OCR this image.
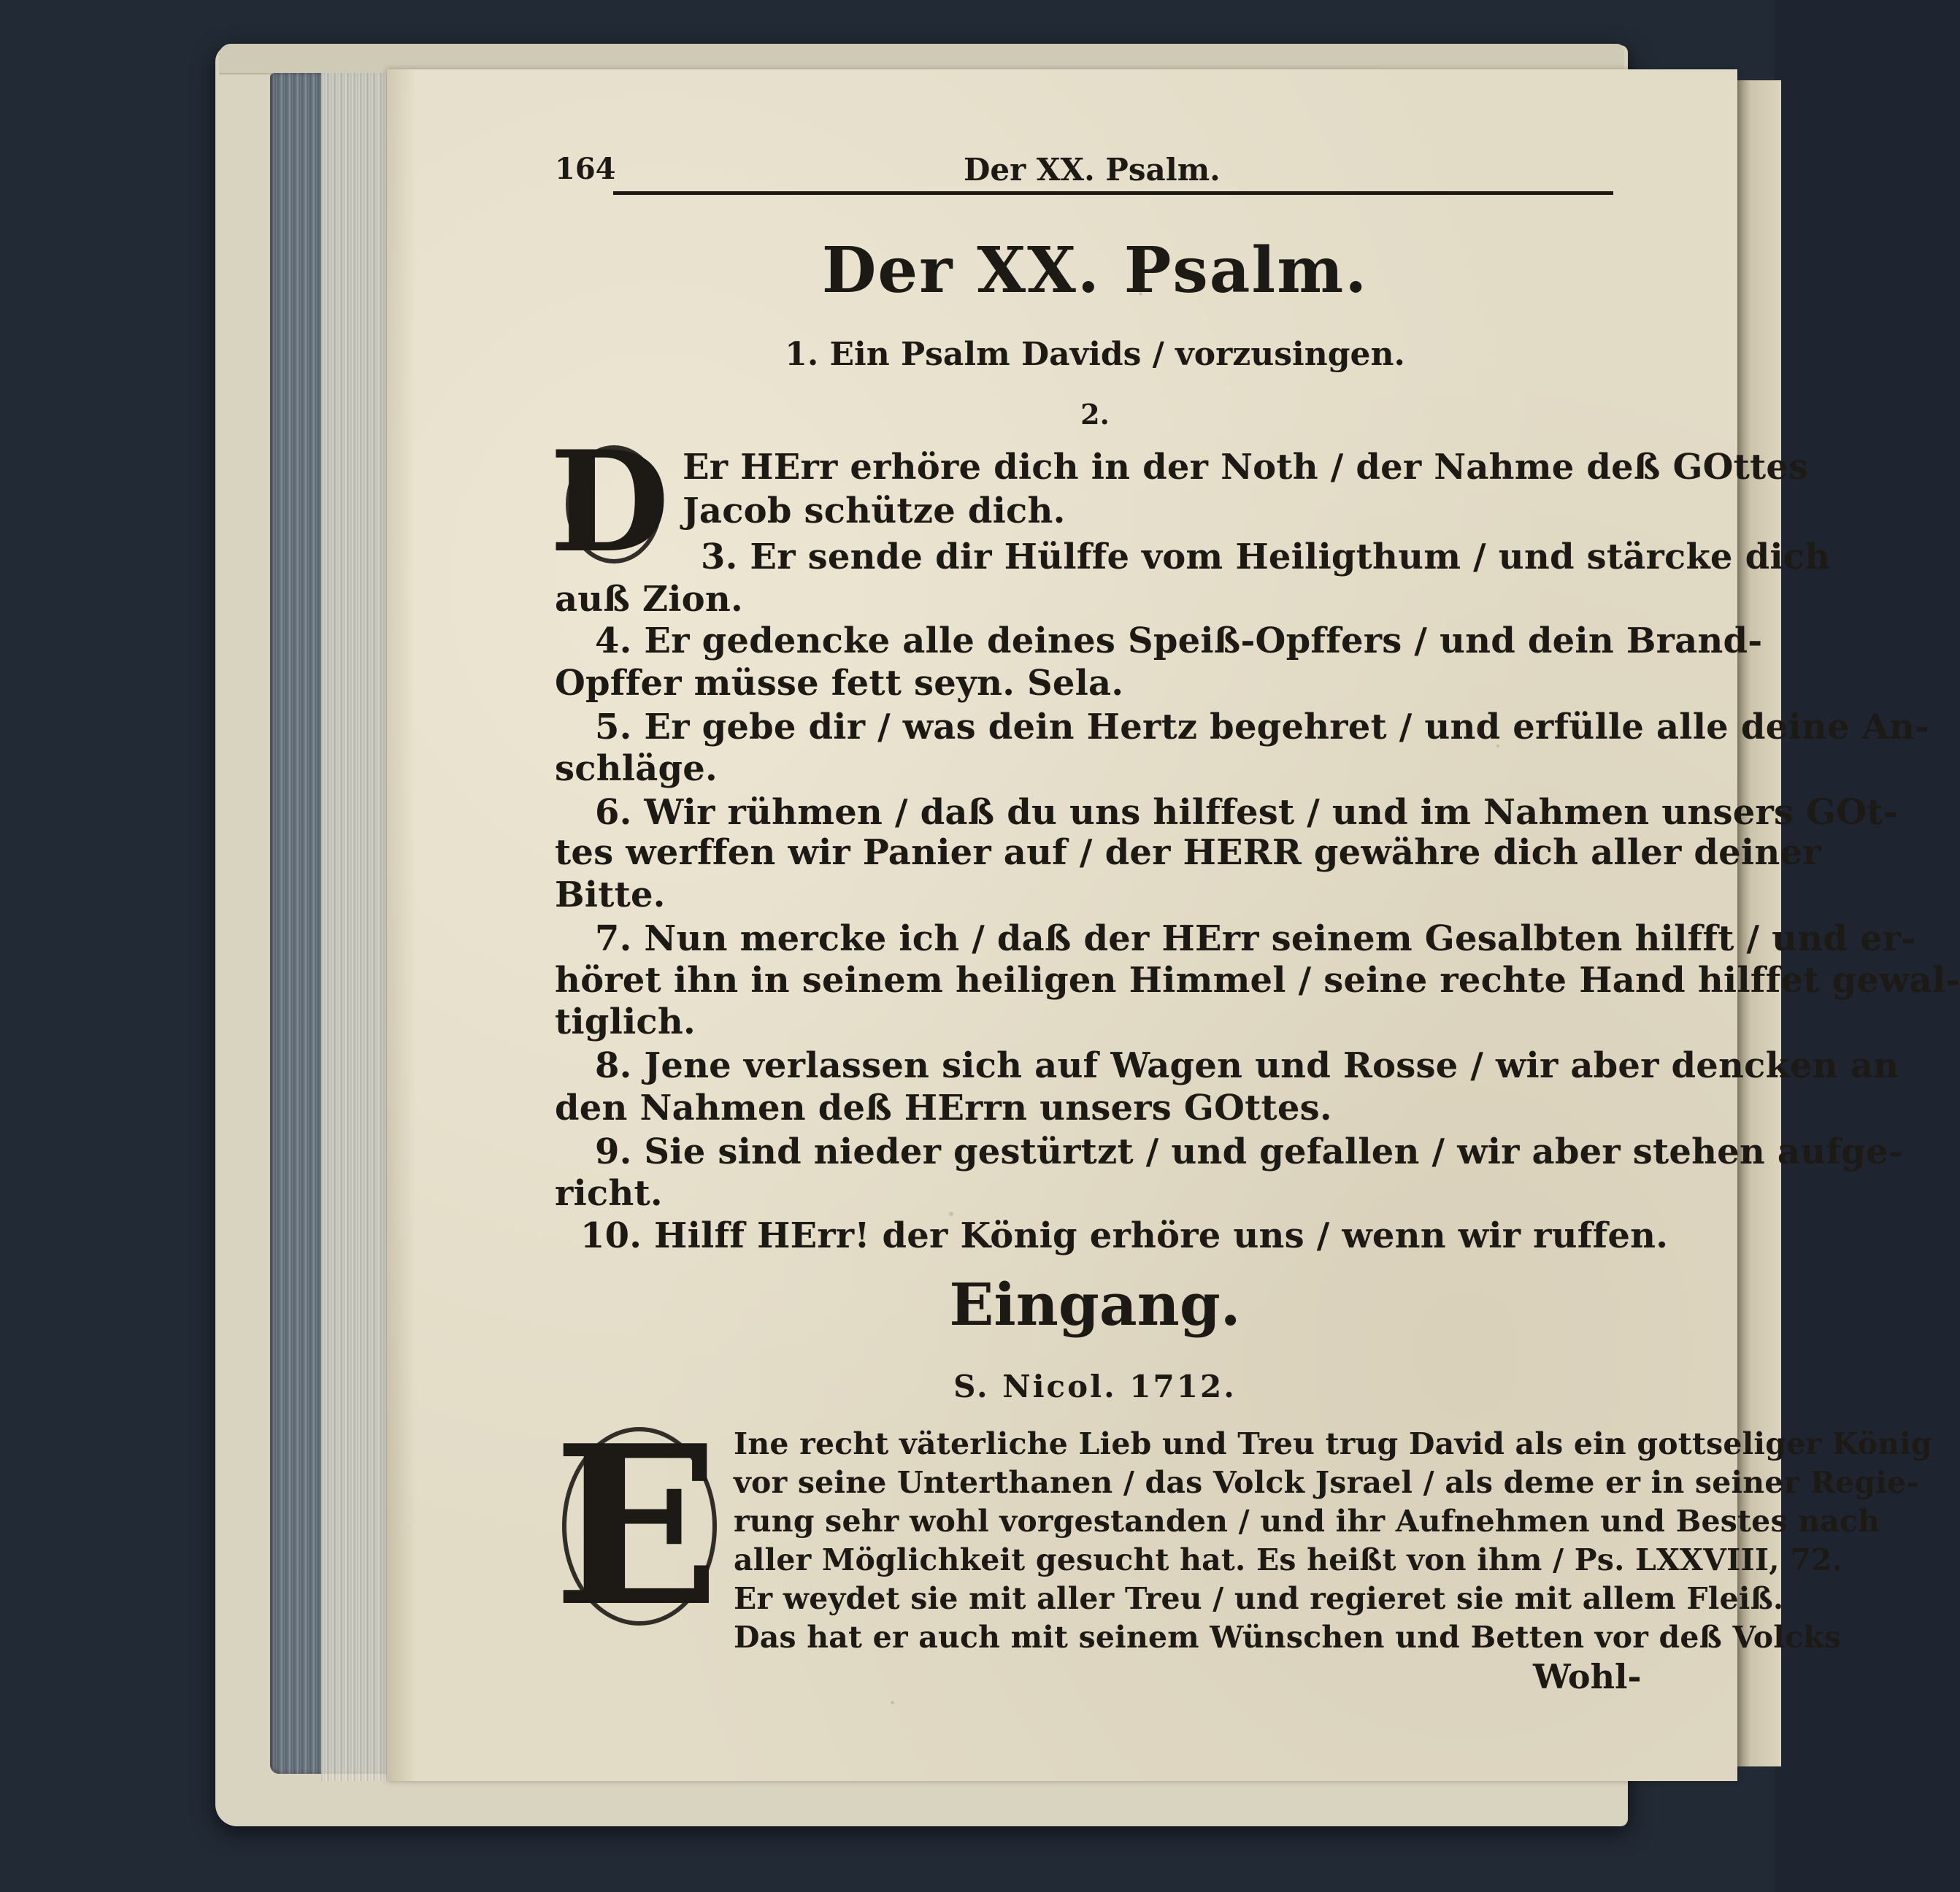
164	Der XX. Psalm.
Der XX. Psalm.
1. Ein Psalm Davids / vorzusingen.
2.
D Er HErr erhöre dich in der Noth / der Nahme deß GOttes
Jacob schütze dich.
3. Er sende dir Hülffe vom Heiligthum / und stärcke dich
auß Zion.
4. Er gedencke alle deines Speiß-Opffers / und dein Brand-
Opffer müsse fett seyn. Sela.
5. Er gebe dir / was dein Hertz begehret / und erfülle alle deine An-
schläge.
6. Wir rühmen / daß du uns hilffest / und im Nahmen unsers GOt-
tes werffen wir Panier auf / der HERR gewähre dich aller deiner
Bitte.
7. Nun mercke ich / daß der HErr seinem Gesalbten hilfft / und er-
höret ihn in seinem heiligen Himmel / seine rechte Hand hilffet gewal-
tiglich.
8. Jene verlassen sich auf Wagen und Rosse / wir aber dencken an
den Nahmen deß HErrn unsers GOttes.
9. Sie sind nieder gestürtzt / und gefallen / wir aber stehen aufge-
richt.
10. Hilff HErr! der König erhöre uns / wenn wir ruffen.
Eingang.
S. Nicol. 1712.
E Ine recht väterliche Lieb und Treu trug David als ein gottseliger König
vor seine Unterthanen / das Volck Jsrael / als deme er in seiner Regie-
rung sehr wohl vorgestanden / und ihr Aufnehmen und Bestes nach
aller Möglichkeit gesucht hat. Es heißt von ihm / Ps. LXXVIII, 72.
Er weydet sie mit aller Treu / und regieret sie mit allem Fleiß.
Das hat er auch mit seinem Wünschen und Betten vor deß Volcks
Wohl-
